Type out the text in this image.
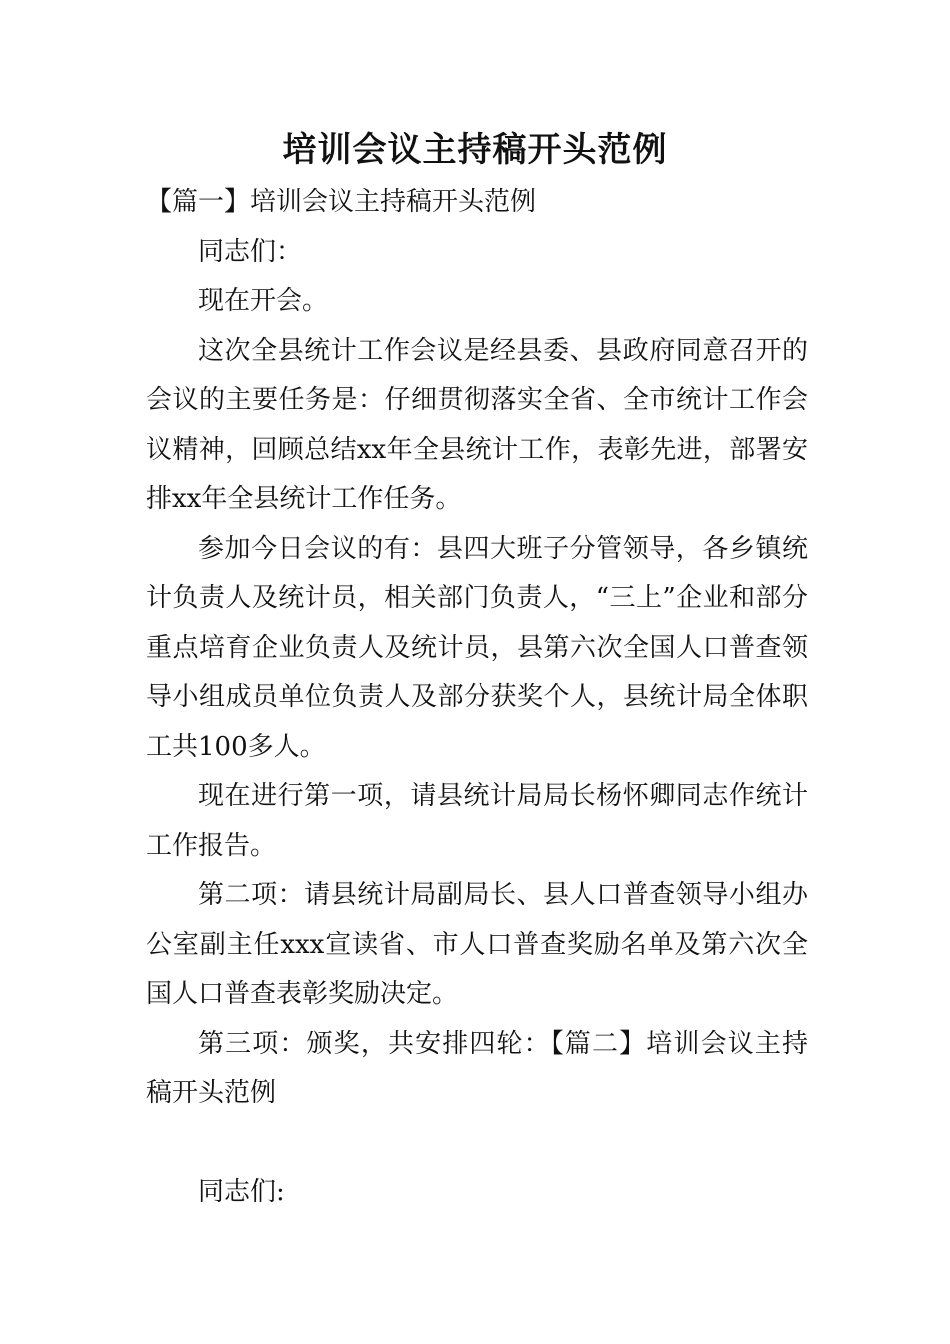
培训会议主持稿开头范例

【篇一】培训会议主持稿开头范例

同志们：

现在开会。

这次全县统计工作会议是经县委、县政府同意召开的会议的主要任务是：仔细贯彻落实全省、全市统计工作会议精神，回顾总结xx年全县统计工作，表彰先进，部署安排xx年全县统计工作任务。

参加今日会议的有：县四大班子分管领导，各乡镇统计负责人及统计员，相关部门负责人，“三上”企业和部分重点培育企业负责人及统计员，县第六次全国人口普查领导小组成员单位负责人及部分获奖个人，县统计局全体职工共100多人。

现在进行第一项，请县统计局局长杨怀卿同志作统计工作报告。

第二项：请县统计局副局长、县人口普查领导小组办公室副主任xxx宣读省、市人口普查奖励名单及第六次全国人口普查表彰奖励决定。

第三项：颁奖，共安排四轮：【篇二】培训会议主持稿开头范例

同志们:
